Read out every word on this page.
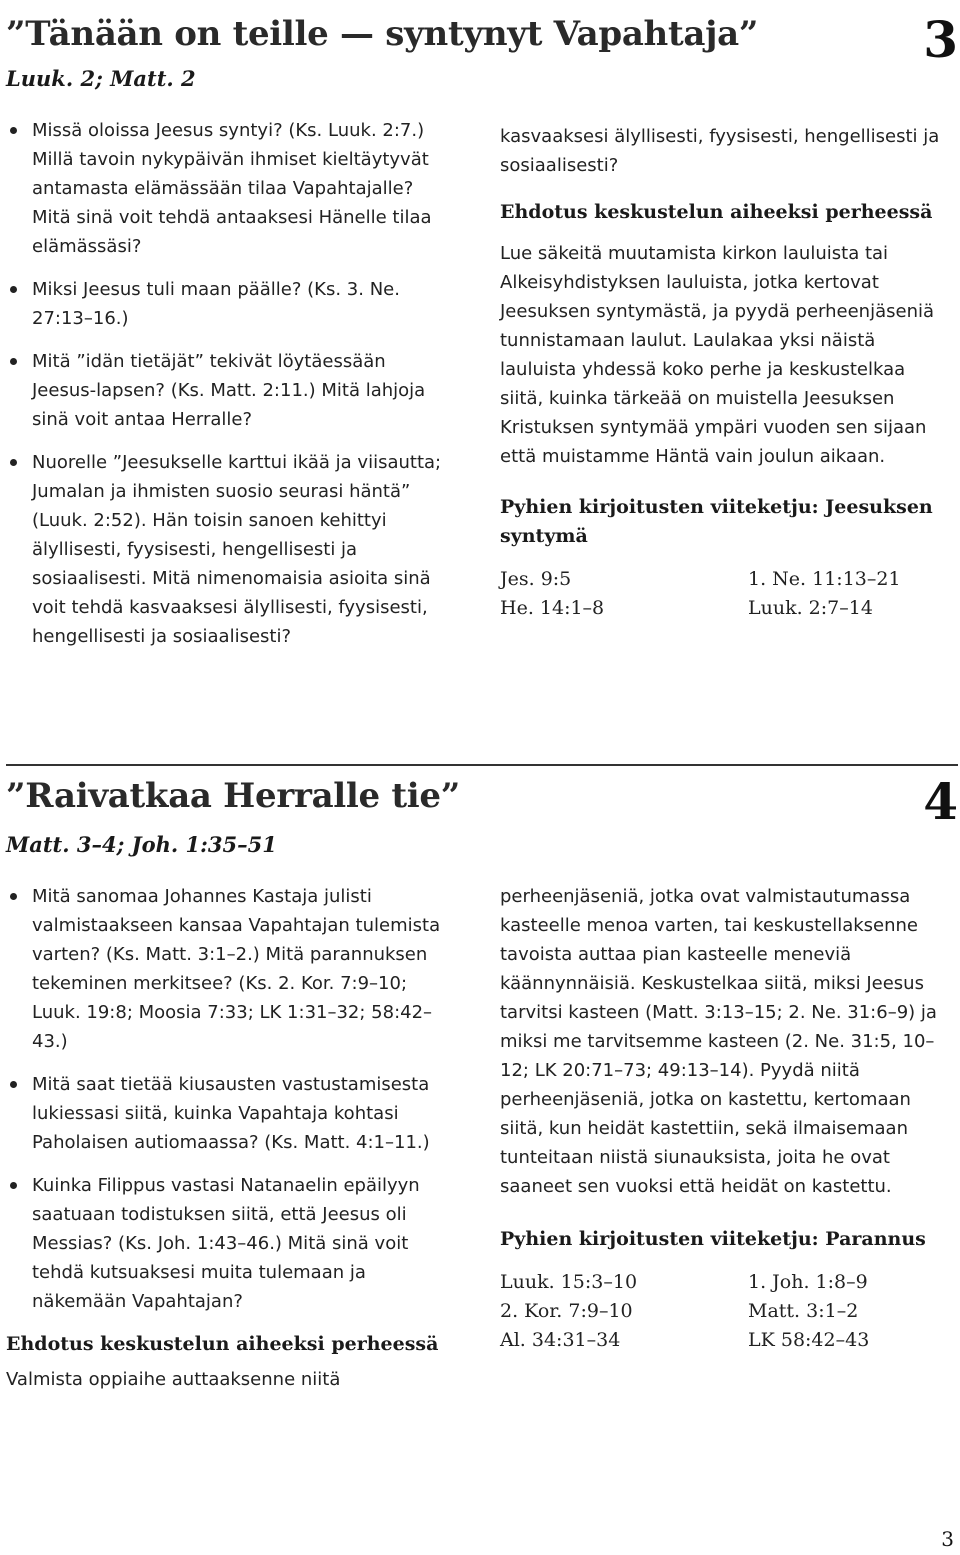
”Tänään on teille — syntynyt Vapahtaja”
Luuk. 2; Matt. 2
3
Missä oloissa Jeesus syntyi? (Ks. Luuk. 2:7.) Millä tavoin nykypäivän ihmiset kieltäytyvät antamasta elämässään tilaa Vapahtajalle? Mitä sinä voit tehdä antaaksesi Hänelle tilaa elämässäsi?
Miksi Jeesus tuli maan päälle? (Ks. 3. Ne. 27:13–16.)
Mitä ”idän tietäjät” tekivät löytäessään Jeesus-lapsen? (Ks. Matt. 2:11.) Mitä lahjoja sinä voit antaa Herralle?
Nuorelle ”Jeesukselle karttui ikää ja viisautta; Jumalan ja ihmisten suosio seurasi häntä” (Luuk. 2:52). Hän toisin sanoen kehittyi älyllisesti, fyysisesti, hengellisesti ja sosiaalisesti. Mitä nimenomaisia asioita sinä voit tehdä kasvaaksesi älyllisesti, fyysisesti, hengellisesti ja sosiaalisesti?

kasvaaksesi älyllisesti, fyysisesti, hengellisesti ja sosiaalisesti?

Ehdotus keskustelun aiheeksi perheessä

Lue säkeitä muutamista kirkon lauluista tai Alkeisyhdistyksen lauluista, jotka kertovat Jeesuksen syntymästä, ja pyydä perheenjäseniä tunnistamaan laulut. Laulakaa yksi näistä lauluista yhdessä koko perhe ja keskustelkaa siitä, kuinka tärkeää on muistella Jeesuksen Kristuksen syntymää ympäri vuoden sen sijaan että muistamme Häntä vain joulun aikaan.

Pyhien kirjoitusten viiteketju: Jeesuksen syntymä
Jes. 9:5	1. Ne. 11:13–21
He. 14:1–8	Luuk. 2:7–14
”Raivatkaa Herralle tie”
Matt. 3–4; Joh. 1:35–51
4
Mitä sanomaa Johannes Kastaja julisti valmistaakseen kansaa Vapahtajan tulemista varten? (Ks. Matt. 3:1–2.) Mitä parannuksen tekeminen merkitsee? (Ks. 2. Kor. 7:9–10; Luuk. 19:8; Moosia 7:33; LK 1:31–32; 58:42–43.)
Mitä saat tietää kiusausten vastustamisesta lukiessasi siitä, kuinka Vapahtaja kohtasi Paholaisen autiomaassa? (Ks. Matt. 4:1–11.)
Kuinka Filippus vastasi Natanaelin epäilyyn saatuaan todistuksen siitä, että Jeesus oli Messias? (Ks. Joh. 1:43–46.) Mitä sinä voit tehdä kutsuaksesi muita tulemaan ja näkemään Vapahtajan?
Ehdotus keskustelun aiheeksi perheessä

Valmista oppiaihe auttaaksenne niitä

perheenjäseniä, jotka ovat valmistautumassa kasteelle menoa varten, tai keskustellaksenne tavoista auttaa pian kasteelle meneviä käännynnäisiä. Keskustelkaa siitä, miksi Jeesus tarvitsi kasteen (Matt. 3:13–15; 2. Ne. 31:6–9) ja miksi me tarvitsemme kasteen (2. Ne. 31:5, 10–12; LK 20:71–73; 49:13–14). Pyydä niitä perheenjäseniä, jotka on kastettu, kertomaan siitä, kun heidät kastettiin, sekä ilmaisemaan tunteitaan niistä siunauksista, joita he ovat saaneet sen vuoksi että heidät on kastettu.

Pyhien kirjoitusten viiteketju: Parannus
Luuk. 15:3–10	1. Joh. 1:8–9
2. Kor. 7:9–10	Matt. 3:1–2
Al. 34:31–34	LK 58:42–43
3
